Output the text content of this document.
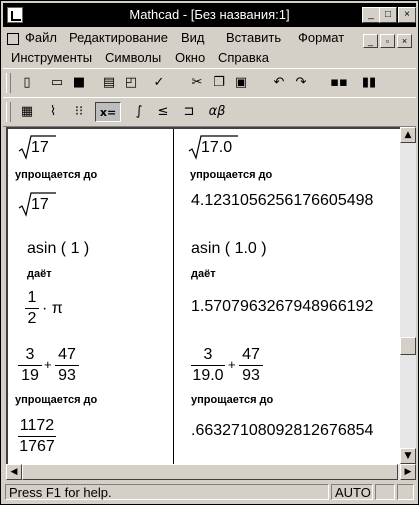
Mathcad - [Без названия:1]	_	□	×
Файл Редактирование Вид Вставить Формат	_ ▫ ×
Инструменты Символы Окно Справка
▯	▭ ■ ▤ ◰	✓	✂ ❐ ▣	↶ ↷	▪▪ ▮▮
▦	⌇	⁝⁝	x=	∫	≤	⊐	αβ
17
упрощается до
17
asin ( 1 )
даёт
1
2
· π
3
19
+
47
93
упрощается до
1172
1767
17.0
упрощается до
4.1231056256176605498
asin ( 1.0 )
даёт
1.5707963267948966192
3
19.0
+
47
93
упрощается до
.66327108092812676854
▲
▼
◀	▶
Press F1 for help.	AUTO
